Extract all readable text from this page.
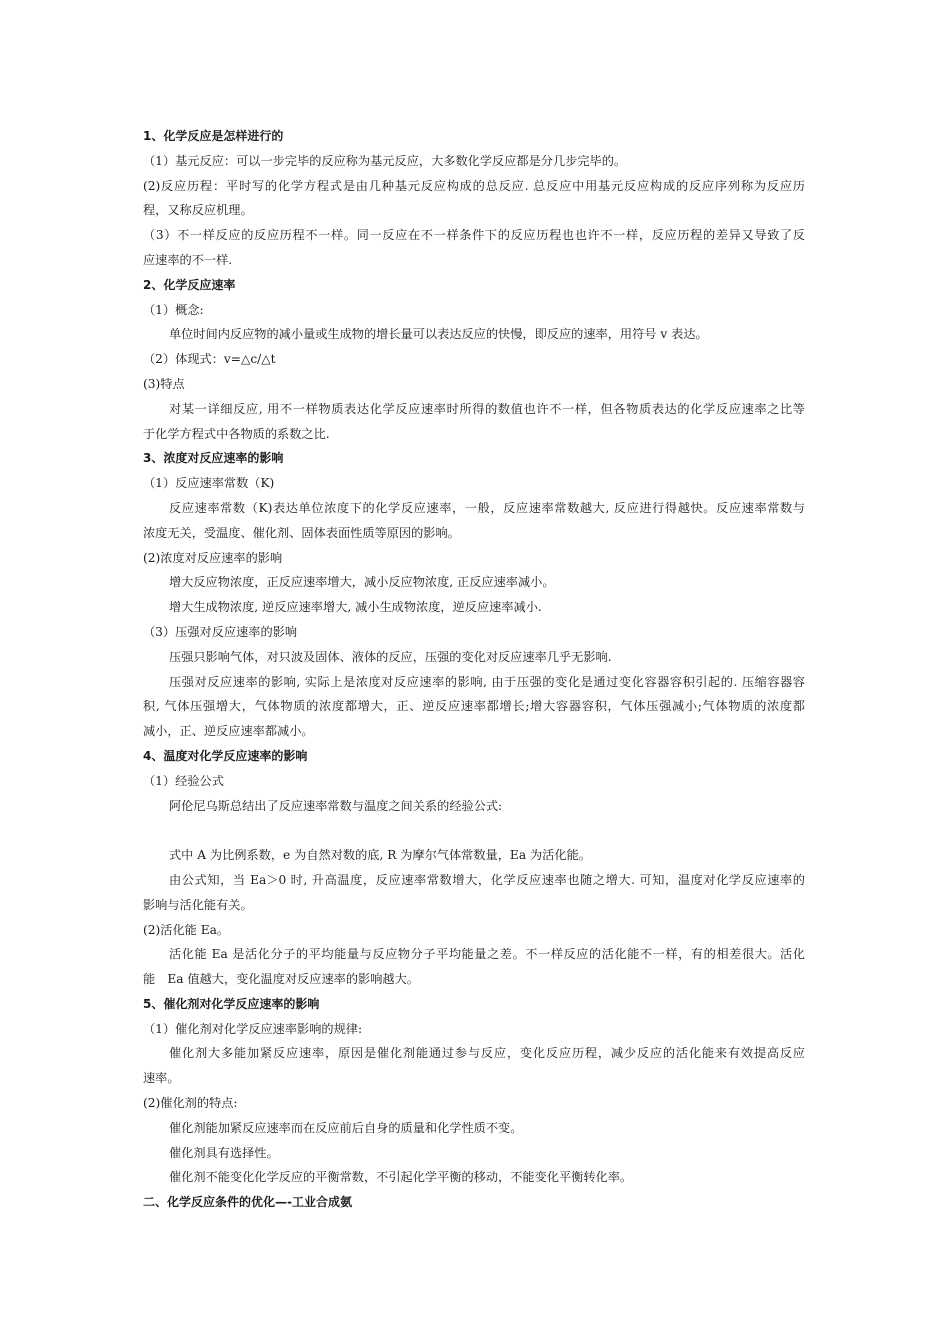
1、化学反应是怎样进行的
（1）基元反应：可以一步完毕的反应称为基元反应，大多数化学反应都是分几步完毕的。
(2)反应历程：平时写的化学方程式是由几种基元反应构成的总反应. 总反应中用基元反应构成的反应序列称为反应历
程，又称反应机理。
（3）不一样反应的反应历程不一样。同一反应在不一样条件下的反应历程也也许不一样，反应历程的差异又导致了反
应速率的不一样.
2、化学反应速率
（1）概念:
单位时间内反应物的减小量或生成物的增长量可以表达反应的快慢，即反应的速率，用符号 v 表达。
（2）体现式：v=△c/△t
(3)特点
对某一详细反应, 用不一样物质表达化学反应速率时所得的数值也许不一样，但各物质表达的化学反应速率之比等
于化学方程式中各物质的系数之比.
3、浓度对反应速率的影响
（1）反应速率常数（K)
反应速率常数（K)表达单位浓度下的化学反应速率，一般，反应速率常数越大, 反应进行得越快。反应速率常数与
浓度无关，受温度、催化剂、固体表面性质等原因的影响。
(2)浓度对反应速率的影响
增大反应物浓度，正反应速率增大，减小反应物浓度, 正反应速率减小。
增大生成物浓度, 逆反应速率增大, 减小生成物浓度，逆反应速率减小.
（3）压强对反应速率的影响
压强只影响气体，对只波及固体、液体的反应，压强的变化对反应速率几乎无影响.
压强对反应速率的影响, 实际上是浓度对反应速率的影响, 由于压强的变化是通过变化容器容积引起的. 压缩容器容
积, 气体压强增大，气体物质的浓度都增大，正、逆反应速率都增长;增大容器容积，气体压强减小;气体物质的浓度都
减小，正、逆反应速率都减小。
4、温度对化学反应速率的影响
（1）经验公式
阿伦尼乌斯总结出了反应速率常数与温度之间关系的经验公式:
式中 A 为比例系数，e 为自然对数的底, R 为摩尔气体常数量，Ea 为活化能。
由公式知，当 Ea＞0 时, 升高温度，反应速率常数增大，化学反应速率也随之增大. 可知，温度对化学反应速率的
影响与活化能有关。
(2)活化能 Ea。
活化能 Ea 是活化分子的平均能量与反应物分子平均能量之差。不一样反应的活化能不一样，有的相差很大。活化
能　Ea 值越大，变化温度对反应速率的影响越大。
5、催化剂对化学反应速率的影响
（1）催化剂对化学反应速率影响的规律:
催化剂大多能加紧反应速率，原因是催化剂能通过参与反应，变化反应历程，减少反应的活化能来有效提高反应
速率。
(2)催化剂的特点:
催化剂能加紧反应速率而在反应前后自身的质量和化学性质不变。
催化剂具有选择性。
催化剂不能变化化学反应的平衡常数，不引起化学平衡的移动，不能变化平衡转化率。
二、化学反应条件的优化—-工业合成氨
